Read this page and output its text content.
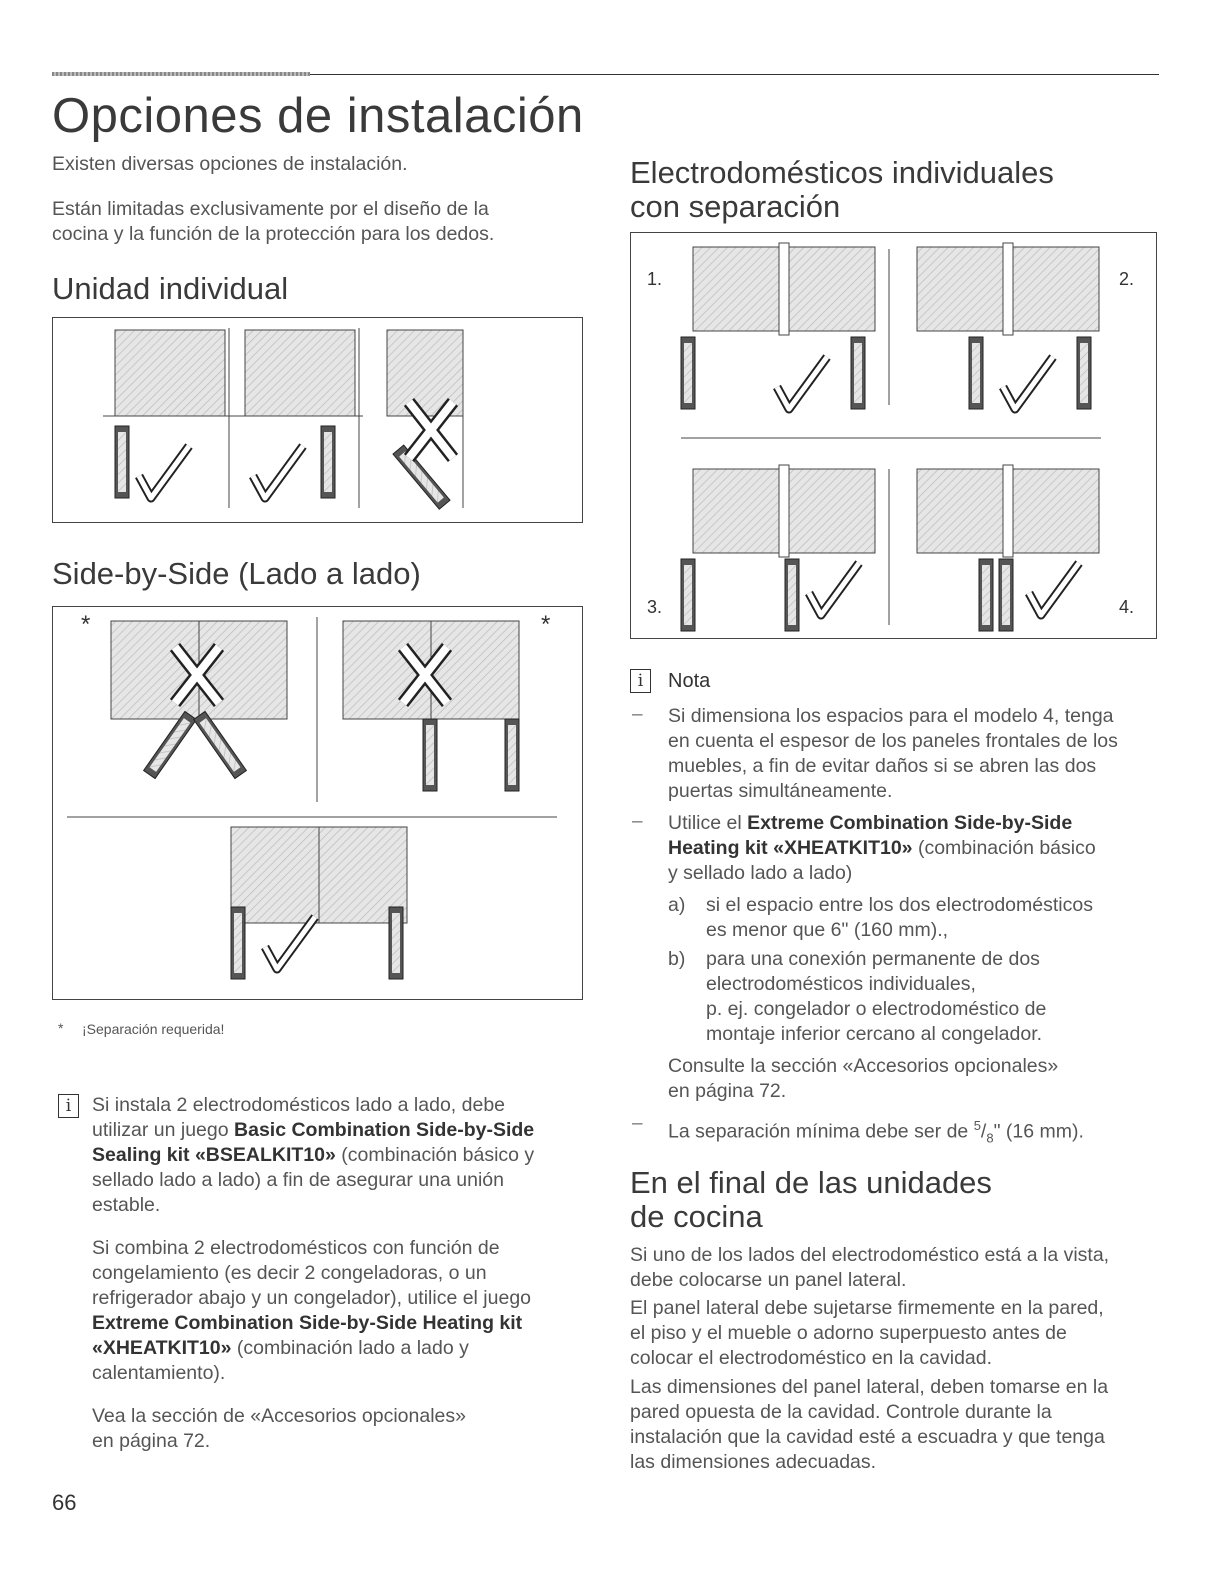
Opciones de instalación

Existen diversas opciones de instalación.

Están limitadas exclusivamente por el diseño de la

cocina y la función de la protección para los dedos.

Unidad individual
Side-by-Side (Lado a lado)
*	*
* ¡Separación requerida!
i	Si instala 2 electrodomésticos lado a lado, debe

utilizar un juego Basic Combination Side-by-Side

Sealing kit «BSEALKIT10» (combinación básico y

sellado lado a lado) a fin de asegurar una unión

estable.

Si combina 2 electrodomésticos con función de

congelamiento (es decir 2 congeladoras, o un

refrigerador abajo y un congelador), utilice el juego

Extreme Combination Side-by-Side Heating kit

«XHEATKIT10» (combinación lado a lado y

calentamiento).

Vea la sección de «Accesorios opcionales»

en página 72.

66
Electrodomésticos individuales
con separación
1.	2.
3.	4.
i	Nota

– Si dimensiona los espacios para el modelo 4, tenga

en cuenta el espesor de los paneles frontales de los

muebles, a fin de evitar daños si se abren las dos

puertas simultáneamente.

– Utilice el Extreme Combination Side-by-Side

Heating kit «XHEATKIT10» (combinación básico

y sellado lado a lado)

a) si el espacio entre los dos electrodomésticos

es menor que 6" (160 mm).,

b) para una conexión permanente de dos

electrodomésticos individuales,

p. ej. congelador o electrodoméstico de

montaje inferior cercano al congelador.

Consulte la sección «Accesorios opcionales»

en página 72.

– La separación mínima debe ser de $^5/_8$" (16 mm).

En el final de las unidades
de cocina

Si uno de los lados del electrodoméstico está a la vista,

debe colocarse un panel lateral.

El panel lateral debe sujetarse firmemente en la pared,

el piso y el mueble o adorno superpuesto antes de

colocar el electrodoméstico en la cavidad.

Las dimensiones del panel lateral, deben tomarse en la

pared opuesta de la cavidad. Controle durante la

instalación que la cavidad esté a escuadra y que tenga

las dimensiones adecuadas.
